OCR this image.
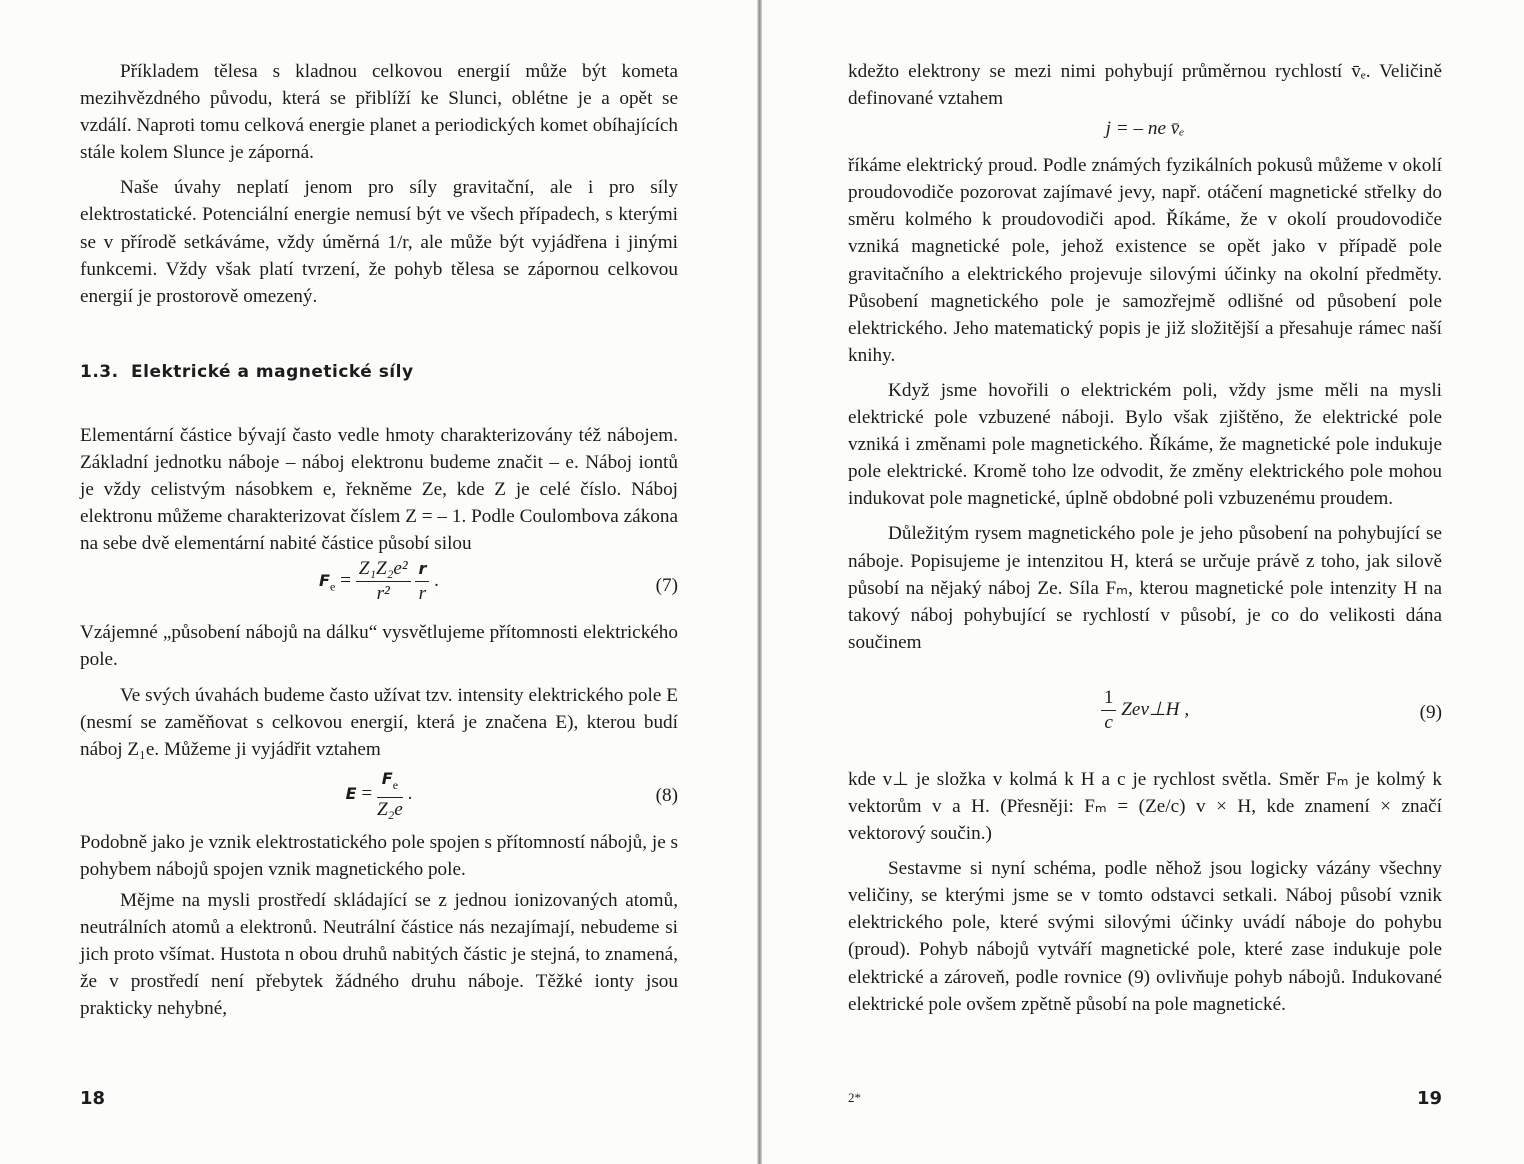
Příkladem tělesa s kladnou celkovou energií může být kometa mezihvězdného původu, která se přiblíží ke Slunci, oblétne je a opět se vzdálí. Naproti tomu celková energie planet a periodických komet obíhajících stále kolem Slunce je záporná.

Naše úvahy neplatí jenom pro síly gravitační, ale i pro síly elektrostatické. Potenciální energie nemusí být ve všech případech, s kterými se v přírodě setkáváme, vždy úměrná 1/r, ale může být vyjádřena i jinými funkcemi. Vždy však platí tvrzení, že pohyb tělesa se zápornou celkovou energií je prostorově omezený.

1.3. Elektrické a magnetické síly

Elementární částice bývají často vedle hmoty charakterizovány též nábojem. Základní jednotku náboje – náboj elektronu budeme značit – e. Náboj iontů je vždy celistvým násobkem e, řekněme Ze, kde Z je celé číslo. Náboj elektronu můžeme charakterizovat číslem Z = – 1. Podle Coulombova zákona na sebe dvě elementární nabité částice působí silou

$F_e = \frac{\text{Z₁Z₂e²}}{\text{r²}}$
$\frac{r}{r}$ .	(7)

Vzájemné „působení nábojů na dálku“ vysvětlujeme přítomnosti elektrického pole.

Ve svých úvahách budeme často užívat tzv. intensity elektrického pole E (nesmí se zaměňovat s celkovou energií, která je značena E), kterou budí náboj Z₁e. Můžeme ji vyjádřit vztahem

$E = \frac{F_e}{\text{Z₂e}}$ .	(8)

Podobně jako je vznik elektrostatického pole spojen s přítomností nábojů, je s pohybem nábojů spojen vznik magnetického pole.

Mějme na mysli prostředí skládající se z jednou ionizovaných atomů, neutrálních atomů a elektronů. Neutrální částice nás nezajímají, nebudeme si jich proto všímat. Hustota n obou druhů nabitých částic je stejná, to znamená, že v prostředí není přebytek žádného druhu náboje. Těžké ionty jsou prakticky nehybné,

18

kdežto elektrony se mezi nimi pohybují průměrnou rychlostí v̄ₑ. Veličině definované vztahem

j = – ne v̄ₑ

říkáme elektrický proud. Podle známých fyzikálních pokusů můžeme v okolí proudovodiče pozorovat zajímavé jevy, např. otáčení magnetické střelky do směru kolmého k proudovodiči apod. Říkáme, že v okolí proudovodiče vzniká magnetické pole, jehož existence se opět jako v případě pole gravitačního a elektrického projevuje silovými účinky na okolní předměty. Působení magnetického pole je samozřejmě odlišné od působení pole elektrického. Jeho matematický popis je již složitější a přesahuje rámec naší knihy.

Když jsme hovořili o elektrickém poli, vždy jsme měli na mysli elektrické pole vzbuzené náboji. Bylo však zjištěno, že elektrické pole vzniká i změnami pole magnetického. Říkáme, že magnetické pole indukuje pole elektrické. Kromě toho lze odvodit, že změny elektrického pole mohou indukovat pole magnetické, úplně obdobné poli vzbuzenému proudem.

Důležitým rysem magnetického pole je jeho působení na pohybující se náboje. Popisujeme je intenzitou H, která se určuje právě z toho, jak silově působí na nějaký náboj Ze. Síla Fₘ, kterou magnetické pole intenzity H na takový náboj pohybující se rychlostí v působí, je co do velikosti dána součinem

$\frac{1}{c}$ Zev⊥H ,	(9)

kde v⊥ je složka v kolmá k H a c je rychlost světla. Směr Fₘ je kolmý k vektorům v a H. (Přesněji: Fₘ = (Ze/c) v × H, kde znamení × značí vektorový součin.)

Sestavme si nyní schéma, podle něhož jsou logicky vázány všechny veličiny, se kterými jsme se v tomto odstavci setkali. Náboj působí vznik elektrického pole, které svými silovými účinky uvádí náboje do pohybu (proud). Pohyb nábojů vytváří magnetické pole, které zase indukuje pole elektrické a zároveň, podle rovnice (9) ovlivňuje pohyb nábojů. Indukované elektrické pole ovšem zpětně působí na pole magnetické.

2*	19
